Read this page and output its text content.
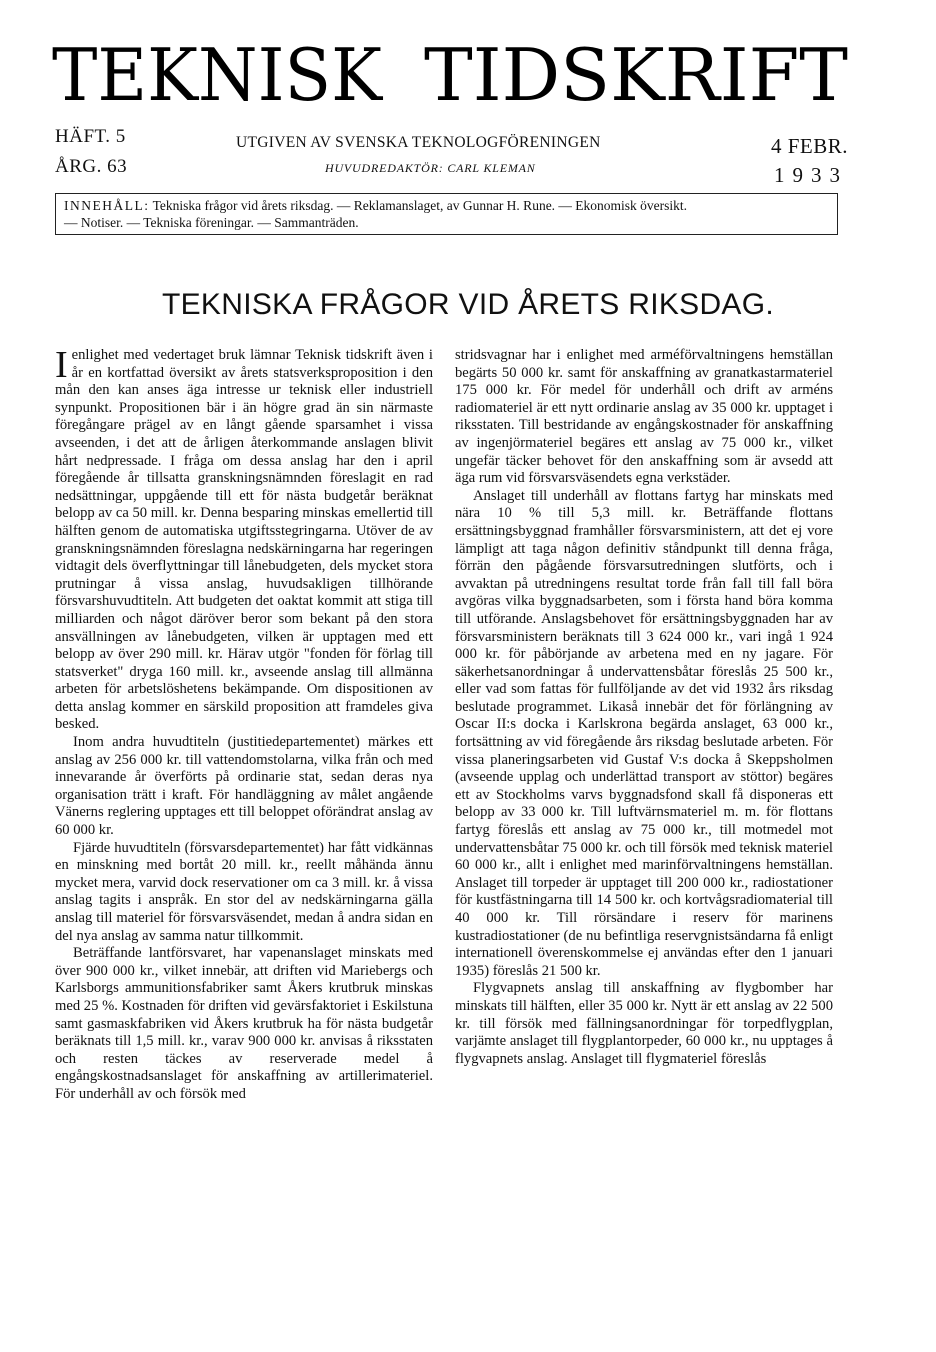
TEKNISK TIDSKRIFT
HÄFT. 5
ÅRG. 63
UTGIVEN AV SVENSKA TEKNOLOGFÖRENINGEN
HUVUDREDAKTÖR: CARL KLEMAN
4 FEBR.
1933
INNEHÅLL: Tekniska frågor vid årets riksdag. — Reklamanslaget, av Gunnar H. Rune. — Ekonomisk översikt.
— Notiser. — Tekniska föreningar. — Sammanträden.
TEKNISKA FRÅGOR VID ÅRETS RIKSDAG.

Ienlighet med vedertaget bruk lämnar Teknisk tidskrift även i år en kortfattad översikt av årets statsverksproposition i den mån den kan anses äga intresse ur teknisk eller industriell synpunkt. Propositionen bär i än högre grad än sin närmaste föregångare prägel av en långt gående sparsamhet i vissa avseenden, i det att de årligen återkommande anslagen blivit hårt nedpressade. I fråga om dessa anslag har den i april föregående år tillsatta granskningsnämnden föreslagit en rad nedsättningar, uppgående till ett för nästa budgetår beräknat belopp av ca 50 mill. kr. Denna besparing minskas emellertid till hälften genom de automatiska utgiftsstegringarna. Utöver de av granskningsnämnden föreslagna nedskärningarna har regeringen vidtagit dels överflyttningar till lånebudgeten, dels mycket stora prutningar å vissa anslag, huvudsakligen tillhörande försvarshuvudtiteln. Att budgeten det oaktat kommit att stiga till milliarden och något däröver beror som bekant på den stora ansvällningen av lånebudgeten, vilken är upptagen med ett belopp av över 290 mill. kr. Härav utgör "fonden för förlag till statsverket" dryga 160 mill. kr., avseende anslag till allmänna arbeten för arbetslöshetens bekämpande. Om dispositionen av detta anslag kommer en särskild proposition att framdeles giva besked.

Inom andra huvudtiteln (justitiedepartementet) märkes ett anslag av 256 000 kr. till vattendomstolarna, vilka från och med innevarande år överförts på ordinarie stat, sedan deras nya organisation trätt i kraft. För handläggning av målet angående Vänerns reglering upptages ett till beloppet oförändrat anslag av 60 000 kr.

Fjärde huvudtiteln (försvarsdepartementet) har fått vidkännas en minskning med bortåt 20 mill. kr., reellt måhända ännu mycket mera, varvid dock reservationer om ca 3 mill. kr. å vissa anslag tagits i anspråk. En stor del av nedskärningarna gälla anslag till materiel för försvarsväsendet, medan å andra sidan en del nya anslag av samma natur tillkommit.

Beträffande lantförsvaret, har vapenanslaget minskats med över 900 000 kr., vilket innebär, att driften vid Mariebergs och Karlsborgs ammunitionsfabriker samt Åkers krutbruk minskas med 25 %. Kostnaden för driften vid gevärsfaktoriet i Eskilstuna samt gasmaskfabriken vid Åkers krutbruk ha för nästa budgetår beräknats till 1,5 mill. kr., varav 900 000 kr. anvisas å riksstaten och resten täckes av reserverade medel å engångskostnadsanslaget för anskaffning av artillerimateriel. För underhåll av och försök med

stridsvagnar har i enlighet med arméförvaltningens hemställan begärts 50 000 kr. samt för anskaffning av granatkastarmateriel 175 000 kr. För medel för underhåll och drift av arméns radiomateriel är ett nytt ordinarie anslag av 35 000 kr. upptaget i riksstaten. Till bestridande av engångskostnader för anskaffning av ingenjörmateriel begäres ett anslag av 75 000 kr., vilket ungefär täcker behovet för den anskaffning som är avsedd att äga rum vid försvarsväsendets egna verkstäder.

Anslaget till underhåll av flottans fartyg har minskats med nära 10 % till 5,3 mill. kr. Beträffande flottans ersättningsbyggnad framhåller försvarsministern, att det ej vore lämpligt att taga någon definitiv ståndpunkt till denna fråga, förrän den pågående försvarsutredningen slutförts, och i avvaktan på utredningens resultat torde från fall till fall böra avgöras vilka byggnadsarbeten, som i första hand böra komma till utförande. Anslagsbehovet för ersättningsbyggnaden har av försvarsministern beräknats till 3 624 000 kr., vari ingå 1 924 000 kr. för påbörjande av arbetena med en ny jagare. För säkerhetsanordningar å undervattensbåtar föreslås 25 500 kr., eller vad som fattas för fullföljande av det vid 1932 års riksdag beslutade programmet. Likaså innebär det för förlängning av Oscar II:s docka i Karlskrona begärda anslaget, 63 000 kr., fortsättning av vid föregående års riksdag beslutade arbeten. För vissa planeringsarbeten vid Gustaf V:s docka å Skeppsholmen (avseende upplag och underlättad transport av stöttor) begäres ett av Stockholms varvs byggnadsfond skall få disponeras ett belopp av 33 000 kr. Till luftvärnsmateriel m. m. för flottans fartyg föreslås ett anslag av 75 000 kr., till motmedel mot undervattensbåtar 75 000 kr. och till försök med teknisk materiel 60 000 kr., allt i enlighet med marinförvaltningens hemställan. Anslaget till torpeder är upptaget till 200 000 kr., radiostationer för kustfästningarna till 14 500 kr. och kortvågsradiomaterial till 40 000 kr. Till rörsändare i reserv för marinens kustradiostationer (de nu befintliga reservgnistsändarna få enligt internationell överenskommelse ej användas efter den 1 januari 1935) föreslås 21 500 kr.

Flygvapnets anslag till anskaffning av flygbomber har minskats till hälften, eller 35 000 kr. Nytt är ett anslag av 22 500 kr. till försök med fällningsanordningar för torpedflygplan, varjämte anslaget till flygplantorpeder, 60 000 kr., nu upptages å flygvapnets anslag. Anslaget till flygmateriel föreslås
